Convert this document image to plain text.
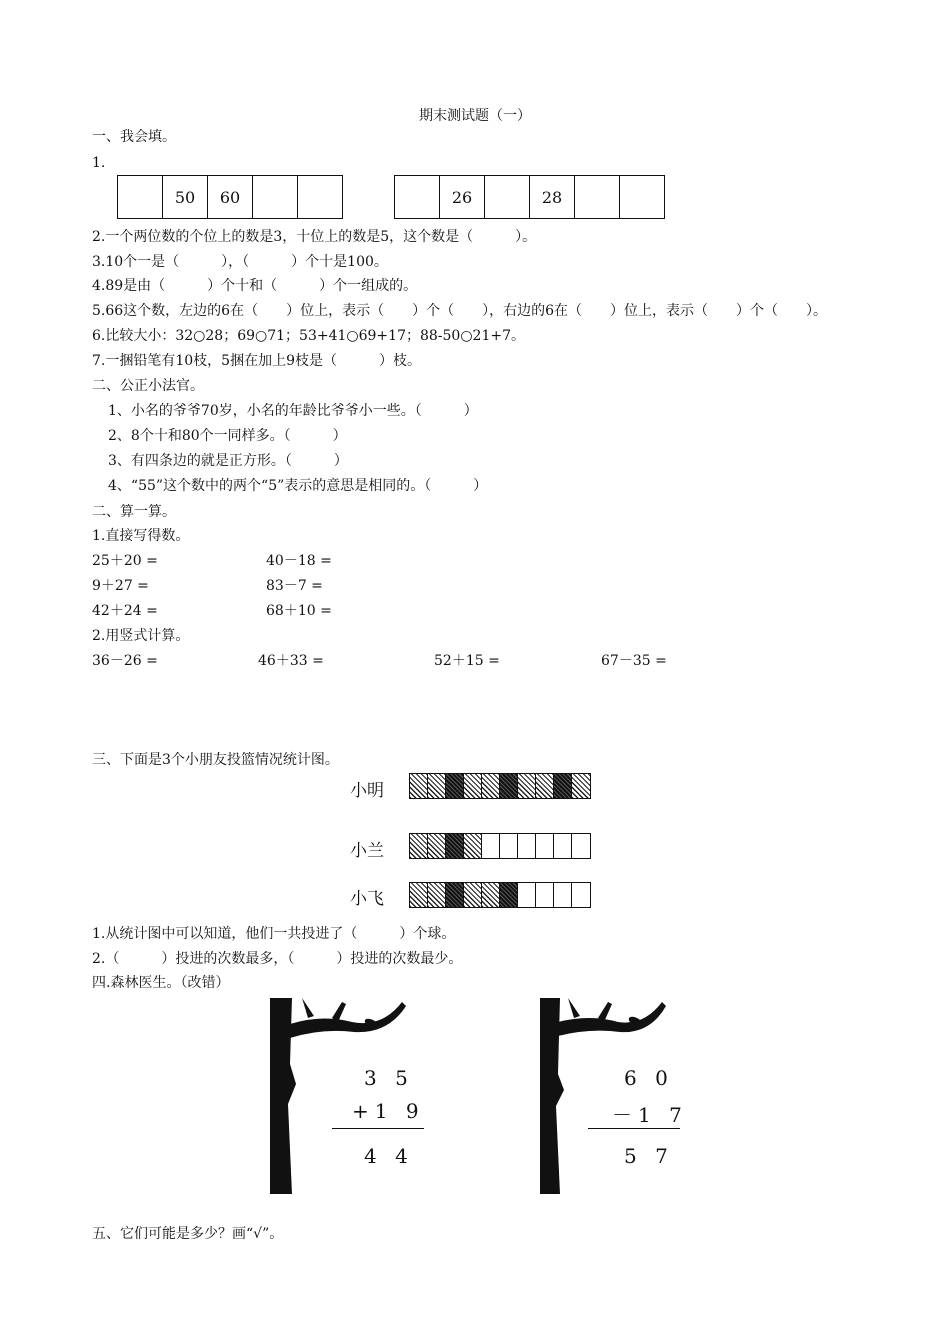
期末测试题（一）
一、我会填。
1.
	50	60		
		26		28		
2.一个两位数的个位上的数是3，十位上的数是5，这个数是（　　　）。
3.10个一是（　　　），（　　　）个十是100。
4.89是由（　　　）个十和（　　　）个一组成的。
5.66这个数，左边的6在（　　）位上，表示（　　）个（　　），右边的6在（　　）位上，表示（　　）个（　　）。
6.比较大小：32○28；69○71；53+41○69+17；88-50○21+7。
7.一捆铅笔有10枝，5捆在加上9枝是（　　　）枝。
二、公正小法官。
1、小名的爷爷70岁，小名的年龄比爷爷小一些。（　　　）
2、8个十和80个一同样多。（　　　）
3、有四条边的就是正方形。（　　　）
4、“55”这个数中的两个“5”表示的意思是相同的。（　　　）
二、算一算。
1.直接写得数。
25＋20 =	40－18 =
9＋27 =	83－7 =
42＋24 =	68＋10 =
2.用竖式计算。
36－26 =	46＋33 =	52＋15 =	67－35 =
三、下面是3个小朋友投篮情况统计图。
小明
小兰
小飞
1.从统计图中可以知道，他们一共投进了（　　　）个球。
2.（　　　）投进的次数最多，（　　　）投进的次数最少。
四.森林医生。（改错）
3 5
+1 9
4 4
6 0
－1 7
5 7
五、它们可能是多少？画“√”。
